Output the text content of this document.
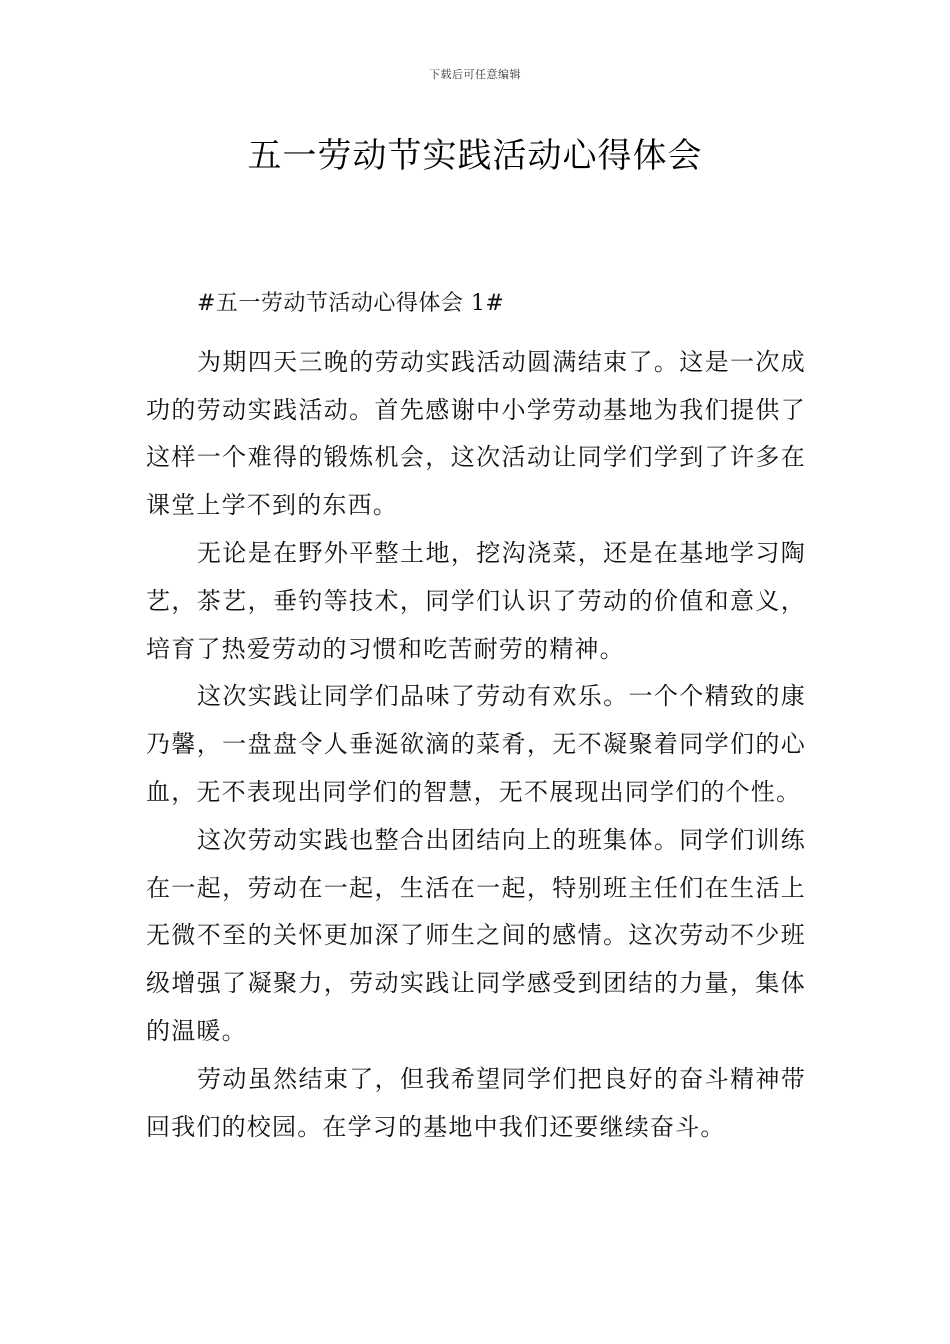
下载后可任意编辑
五一劳动节实践活动心得体会

#五一劳动节活动心得体会 1#

为期四天三晚的劳动实践活动圆满结束了。这是一次成功的劳动实践活动。首先感谢中小学劳动基地为我们提供了这样一个难得的锻炼机会，这次活动让同学们学到了许多在课堂上学不到的东西。

无论是在野外平整土地，挖沟浇菜，还是在基地学习陶艺，茶艺，垂钓等技术，同学们认识了劳动的价值和意义，培育了热爱劳动的习惯和吃苦耐劳的精神。

这次实践让同学们品味了劳动有欢乐。一个个精致的康乃馨，一盘盘令人垂涎欲滴的菜肴，无不凝聚着同学们的心血，无不表现出同学们的智慧，无不展现出同学们的个性。

这次劳动实践也整合出团结向上的班集体。同学们训练在一起，劳动在一起，生活在一起，特别班主任们在生活上无微不至的关怀更加深了师生之间的感情。这次劳动不少班级增强了凝聚力，劳动实践让同学感受到团结的力量，集体的温暖。

劳动虽然结束了，但我希望同学们把良好的奋斗精神带回我们的校园。在学习的基地中我们还要继续奋斗。
